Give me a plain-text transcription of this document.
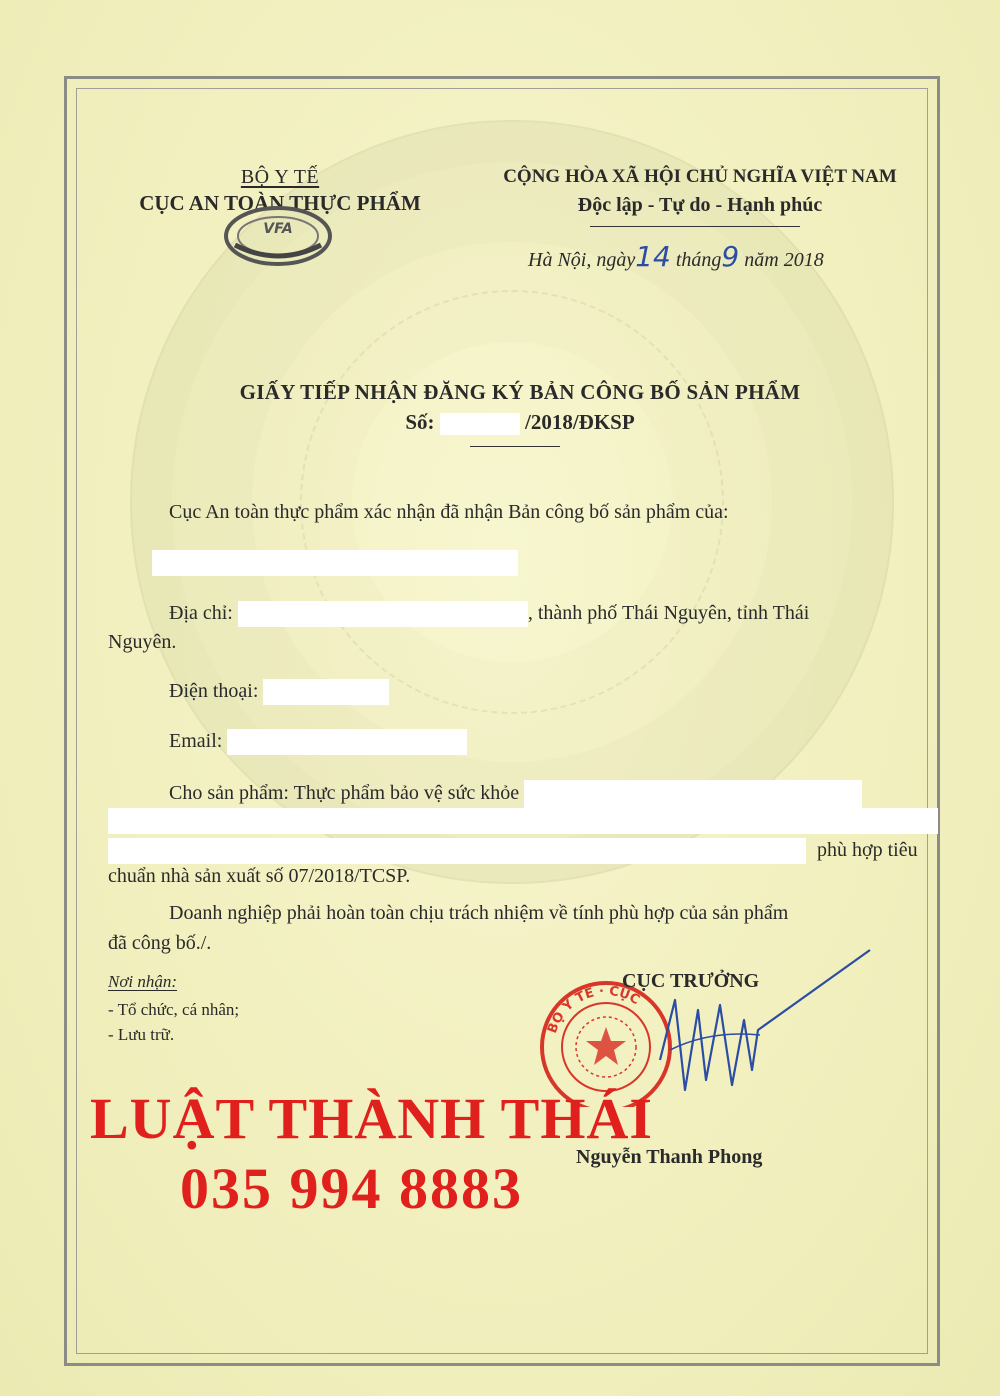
BỘ Y TẾ
CỤC AN TOÀN THỰC PHẨM
VFA
CỘNG HÒA XÃ HỘI CHỦ NGHĨA VIỆT NAM
Độc lập - Tự do - Hạnh phúc
Hà Nội, ngày14 tháng9 năm 2018
GIẤY TIẾP NHẬN ĐĂNG KÝ BẢN CÔNG BỐ SẢN PHẨM
Số:	/2018/ĐKSP
Cục An toàn thực phẩm xác nhận đã nhận Bản công bố sản phẩm của:
Địa chỉ:	, thành phố Thái Nguyên, tỉnh Thái
Nguyên.
Điện thoại:
Email:
Cho sản phẩm: Thực phẩm bảo vệ sức khỏe
phù hợp tiêu
chuẩn nhà sản xuất số 07/2018/TCSP.
Doanh nghiệp phải hoàn toàn chịu trách nhiệm về tính phù hợp của sản phẩm
đã công bố./.
Nơi nhận:
- Tổ chức, cá nhân;
- Lưu trữ.	BỘ Y TẾ · CỤC
CỤC TRƯỞNG
Nguyễn Thanh Phong
LUẬT THÀNH THÁI
035 994 8883
